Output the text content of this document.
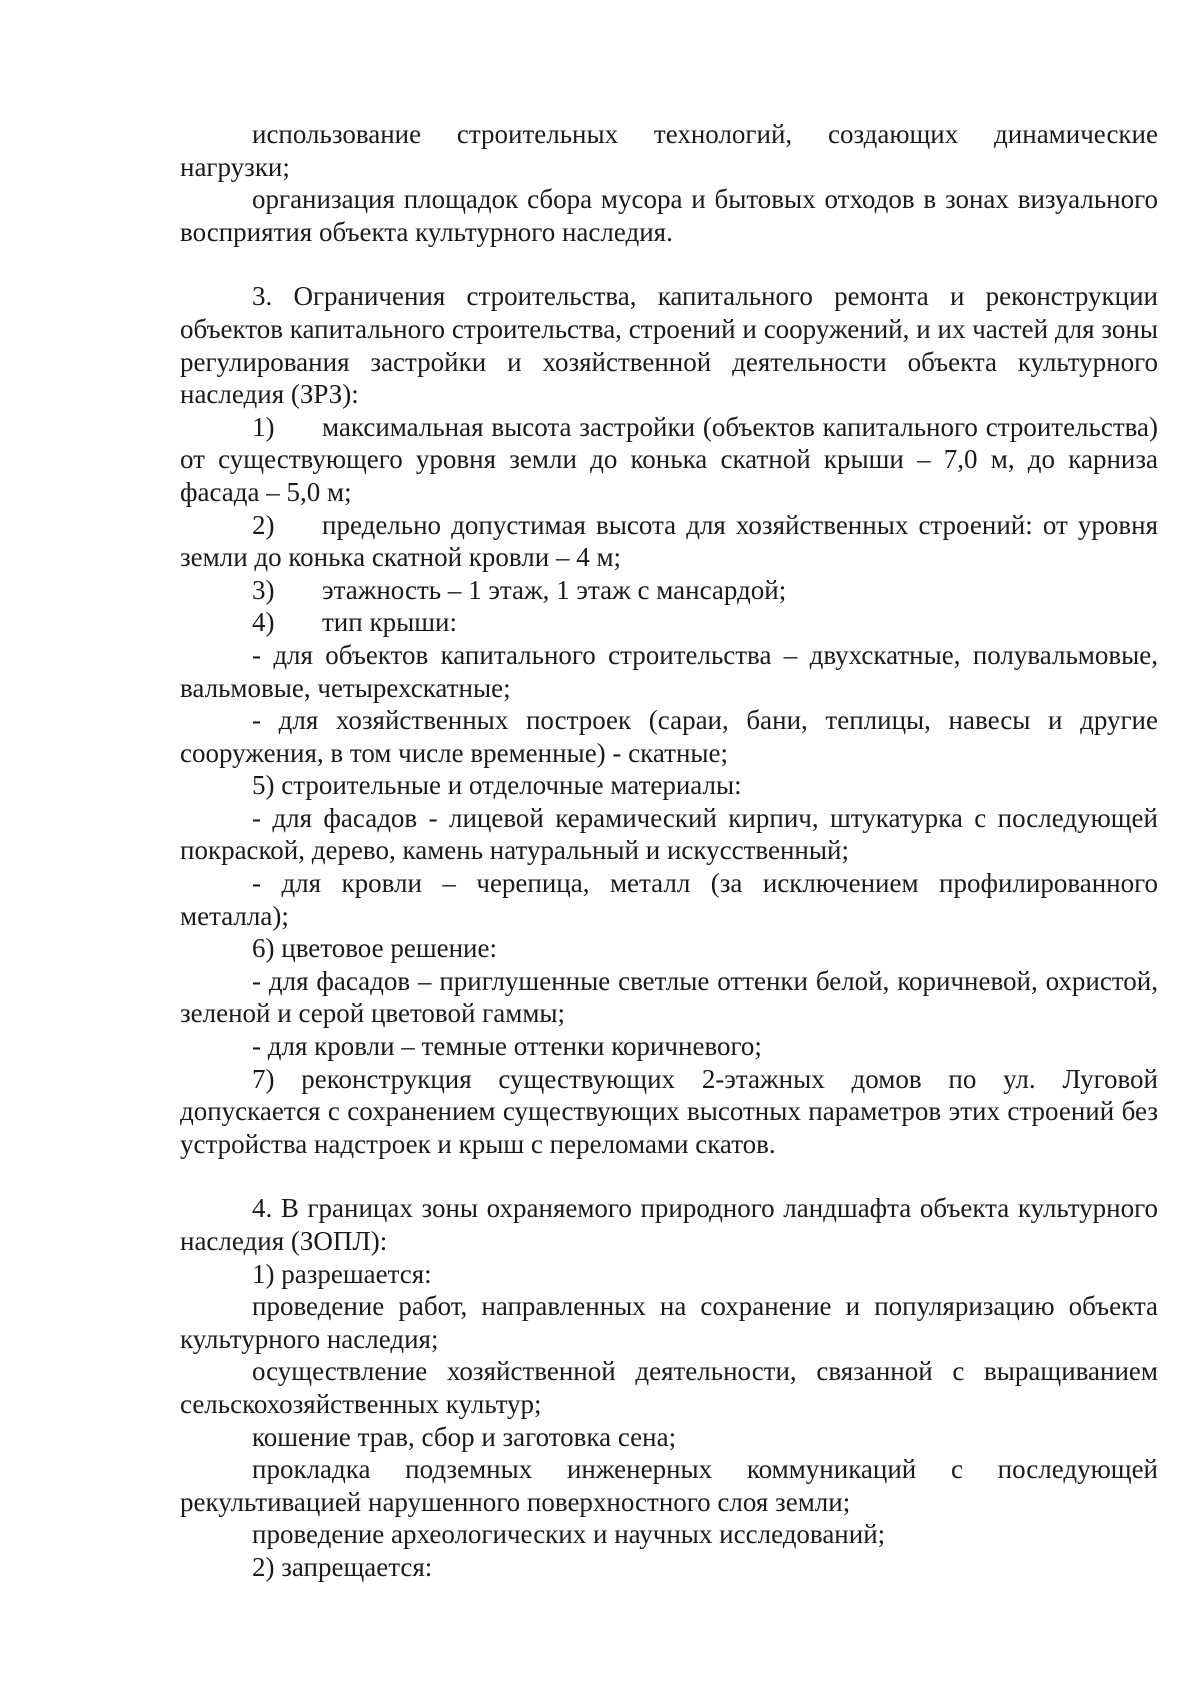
использование строительных технологий, создающих динамические нагрузки;

организация площадок сбора мусора и бытовых отходов в зонах визуального восприятия объекта культурного наследия.

3. Ограничения строительства, капитального ремонта и реконструкции объектов капитального строительства, строений и сооружений, и их частей для зоны регулирования застройки и хозяйственной деятельности объекта культурного наследия (ЗРЗ):

1) максимальная высота застройки (объектов капитального строительства) от существующего уровня земли до конька скатной крыши – 7,0 м, до карниза фасада – 5,0 м;

2) предельно допустимая высота для хозяйственных строений: от уровня земли до конька скатной кровли – 4 м;

3) этажность – 1 этаж, 1 этаж с мансардой;

4) тип крыши:

- для объектов капитального строительства – двухскатные, полувальмовые, вальмовые, четырехскатные;

- для хозяйственных построек (сараи, бани, теплицы, навесы и другие сооружения, в том числе временные) - скатные;

5) строительные и отделочные материалы:

- для фасадов - лицевой керамический кирпич, штукатурка с последующей покраской, дерево, камень натуральный и искусственный;

- для кровли – черепица, металл (за исключением профилированного металла);

6) цветовое решение:

- для фасадов – приглушенные светлые оттенки белой, коричневой, охристой, зеленой и серой цветовой гаммы;

- для кровли – темные оттенки коричневого;

7) реконструкция существующих 2-этажных домов по ул. Луговой допускается с сохранением существующих высотных параметров этих строений без устройства надстроек и крыш с переломами скатов.

4. В границах зоны охраняемого природного ландшафта объекта культурного наследия (ЗОПЛ):

1) разрешается:

проведение работ, направленных на сохранение и популяризацию объекта культурного наследия;

осуществление хозяйственной деятельности, связанной с выращиванием сельскохозяйственных культур;

кошение трав, сбор и заготовка сена;

прокладка подземных инженерных коммуникаций с последующей рекультивацией нарушенного поверхностного слоя земли;

проведение археологических и научных исследований;

2) запрещается:
